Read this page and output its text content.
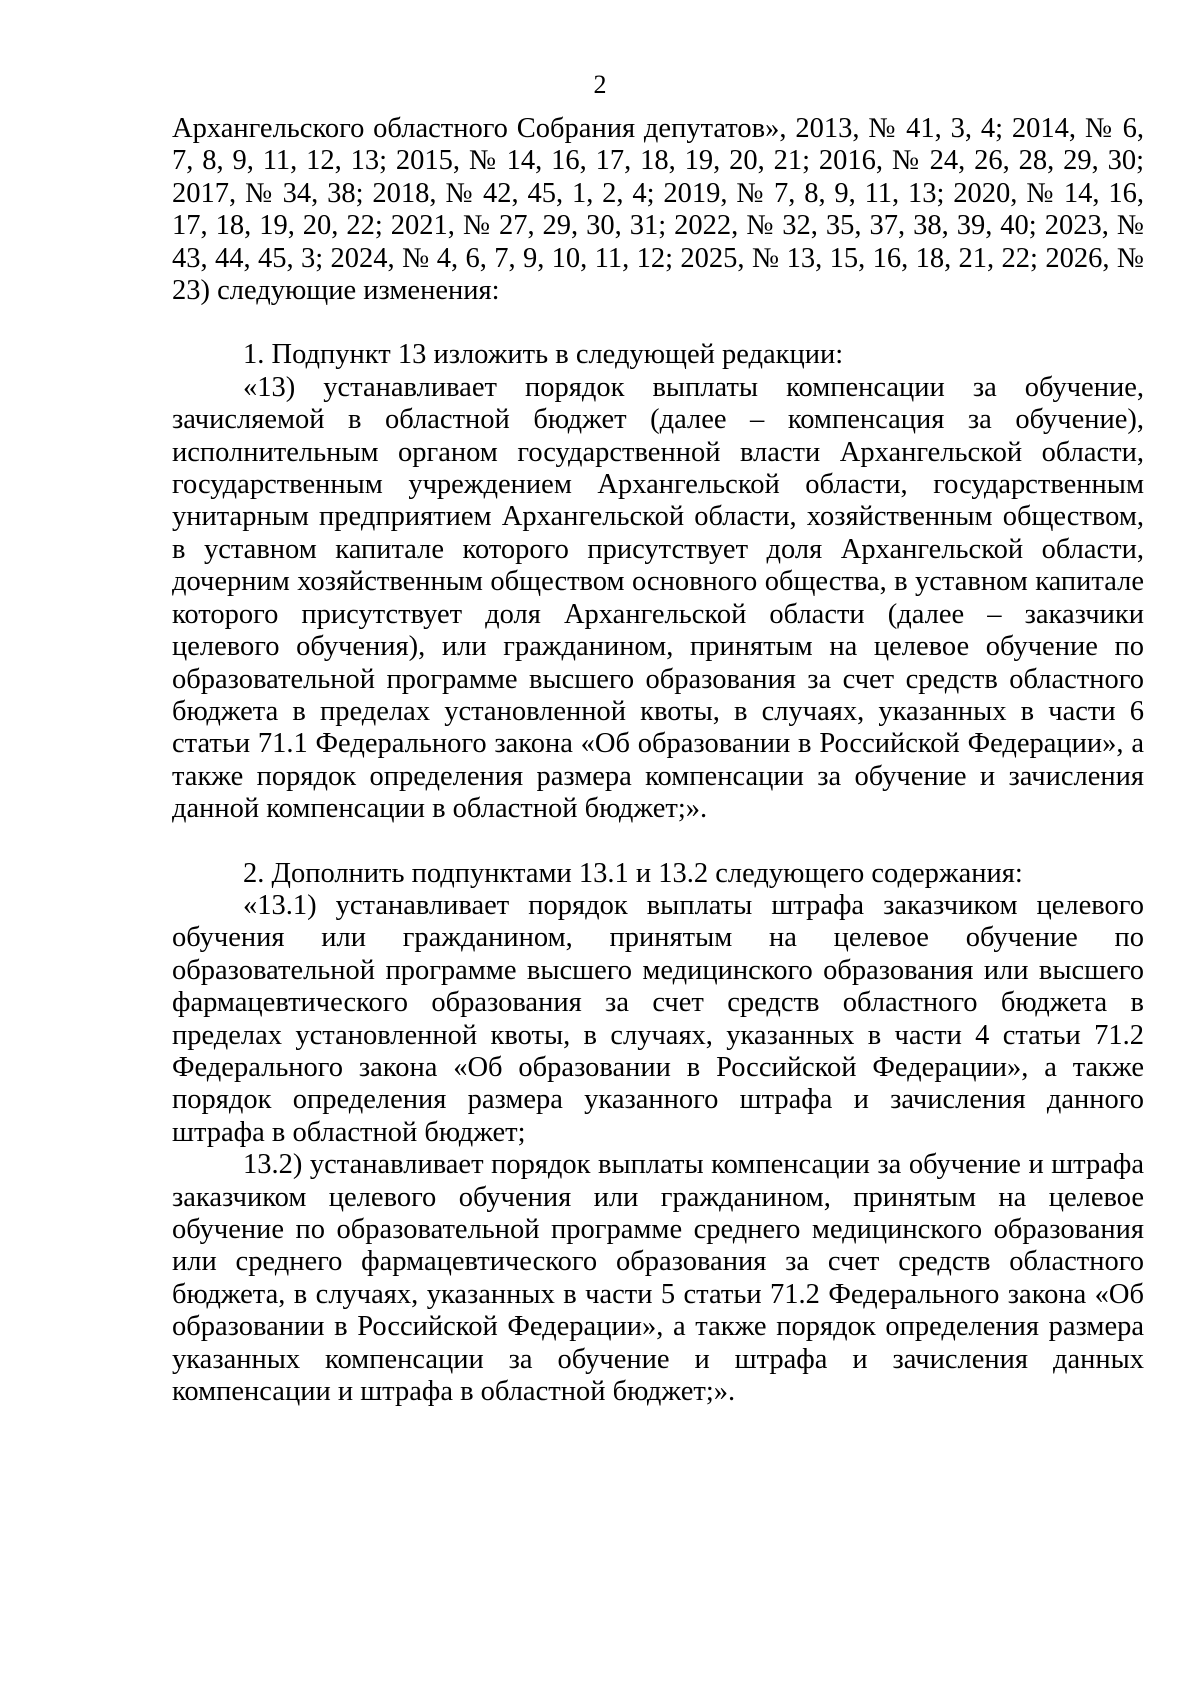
2

Архангельского областного Собрания депутатов», 2013, № 41, 3, 4; 2014, № 6, 7, 8, 9, 11, 12, 13; 2015, № 14, 16, 17, 18, 19, 20, 21; 2016, № 24, 26, 28, 29, 30; 2017, № 34, 38; 2018, № 42, 45, 1, 2, 4; 2019, № 7, 8, 9, 11, 13; 2020, № 14, 16, 17, 18, 19, 20, 22; 2021, № 27, 29, 30, 31; 2022, № 32, 35, 37, 38, 39, 40; 2023, № 43, 44, 45, 3; 2024, № 4, 6, 7, 9, 10, 11, 12; 2025, № 13, 15, 16, 18, 21, 22; 2026, № 23) следующие изменения:

1. Подпункт 13 изложить в следующей редакции:

«13) устанавливает порядок выплаты компенсации за обучение, зачисляемой в областной бюджет (далее – компенсация за обучение), исполнительным органом государственной власти Архангельской области, государственным учреждением Архангельской области, государственным унитарным предприятием Архангельской области, хозяйственным обществом, в уставном капитале которого присутствует доля Архангельской области, дочерним хозяйственным обществом основного общества, в уставном капитале которого присутствует доля Архангельской области (далее – заказчики целевого обучения), или гражданином, принятым на целевое обучение по образовательной программе высшего образования за счет средств областного бюджета в пределах установленной квоты, в случаях, указанных в части 6 статьи 71.1 Федерального закона «Об образовании в Российской Федерации», а также порядок определения размера компенсации за обучение и зачисления данной компенсации в областной бюджет;».

2. Дополнить подпунктами 13.1 и 13.2 следующего содержания:

«13.1) устанавливает порядок выплаты штрафа заказчиком целевого обучения или гражданином, принятым на целевое обучение по образовательной программе высшего медицинского образования или высшего фармацевтического образования за счет средств областного бюджета в пределах установленной квоты, в случаях, указанных в части 4 статьи 71.2 Федерального закона «Об образовании в Российской Федерации», а также порядок определения размера указанного штрафа и зачисления данного штрафа в областной бюджет;

13.2) устанавливает порядок выплаты компенсации за обучение и штрафа заказчиком целевого обучения или гражданином, принятым на целевое обучение по образовательной программе среднего медицинского образования или среднего фармацевтического образования за счет средств областного бюджета, в случаях, указанных в части 5 статьи 71.2 Федерального закона «Об образовании в Российской Федерации», а также порядок определения размера указанных компенсации за обучение и штрафа и зачисления данных компенсации и штрафа в областной бюджет;».
